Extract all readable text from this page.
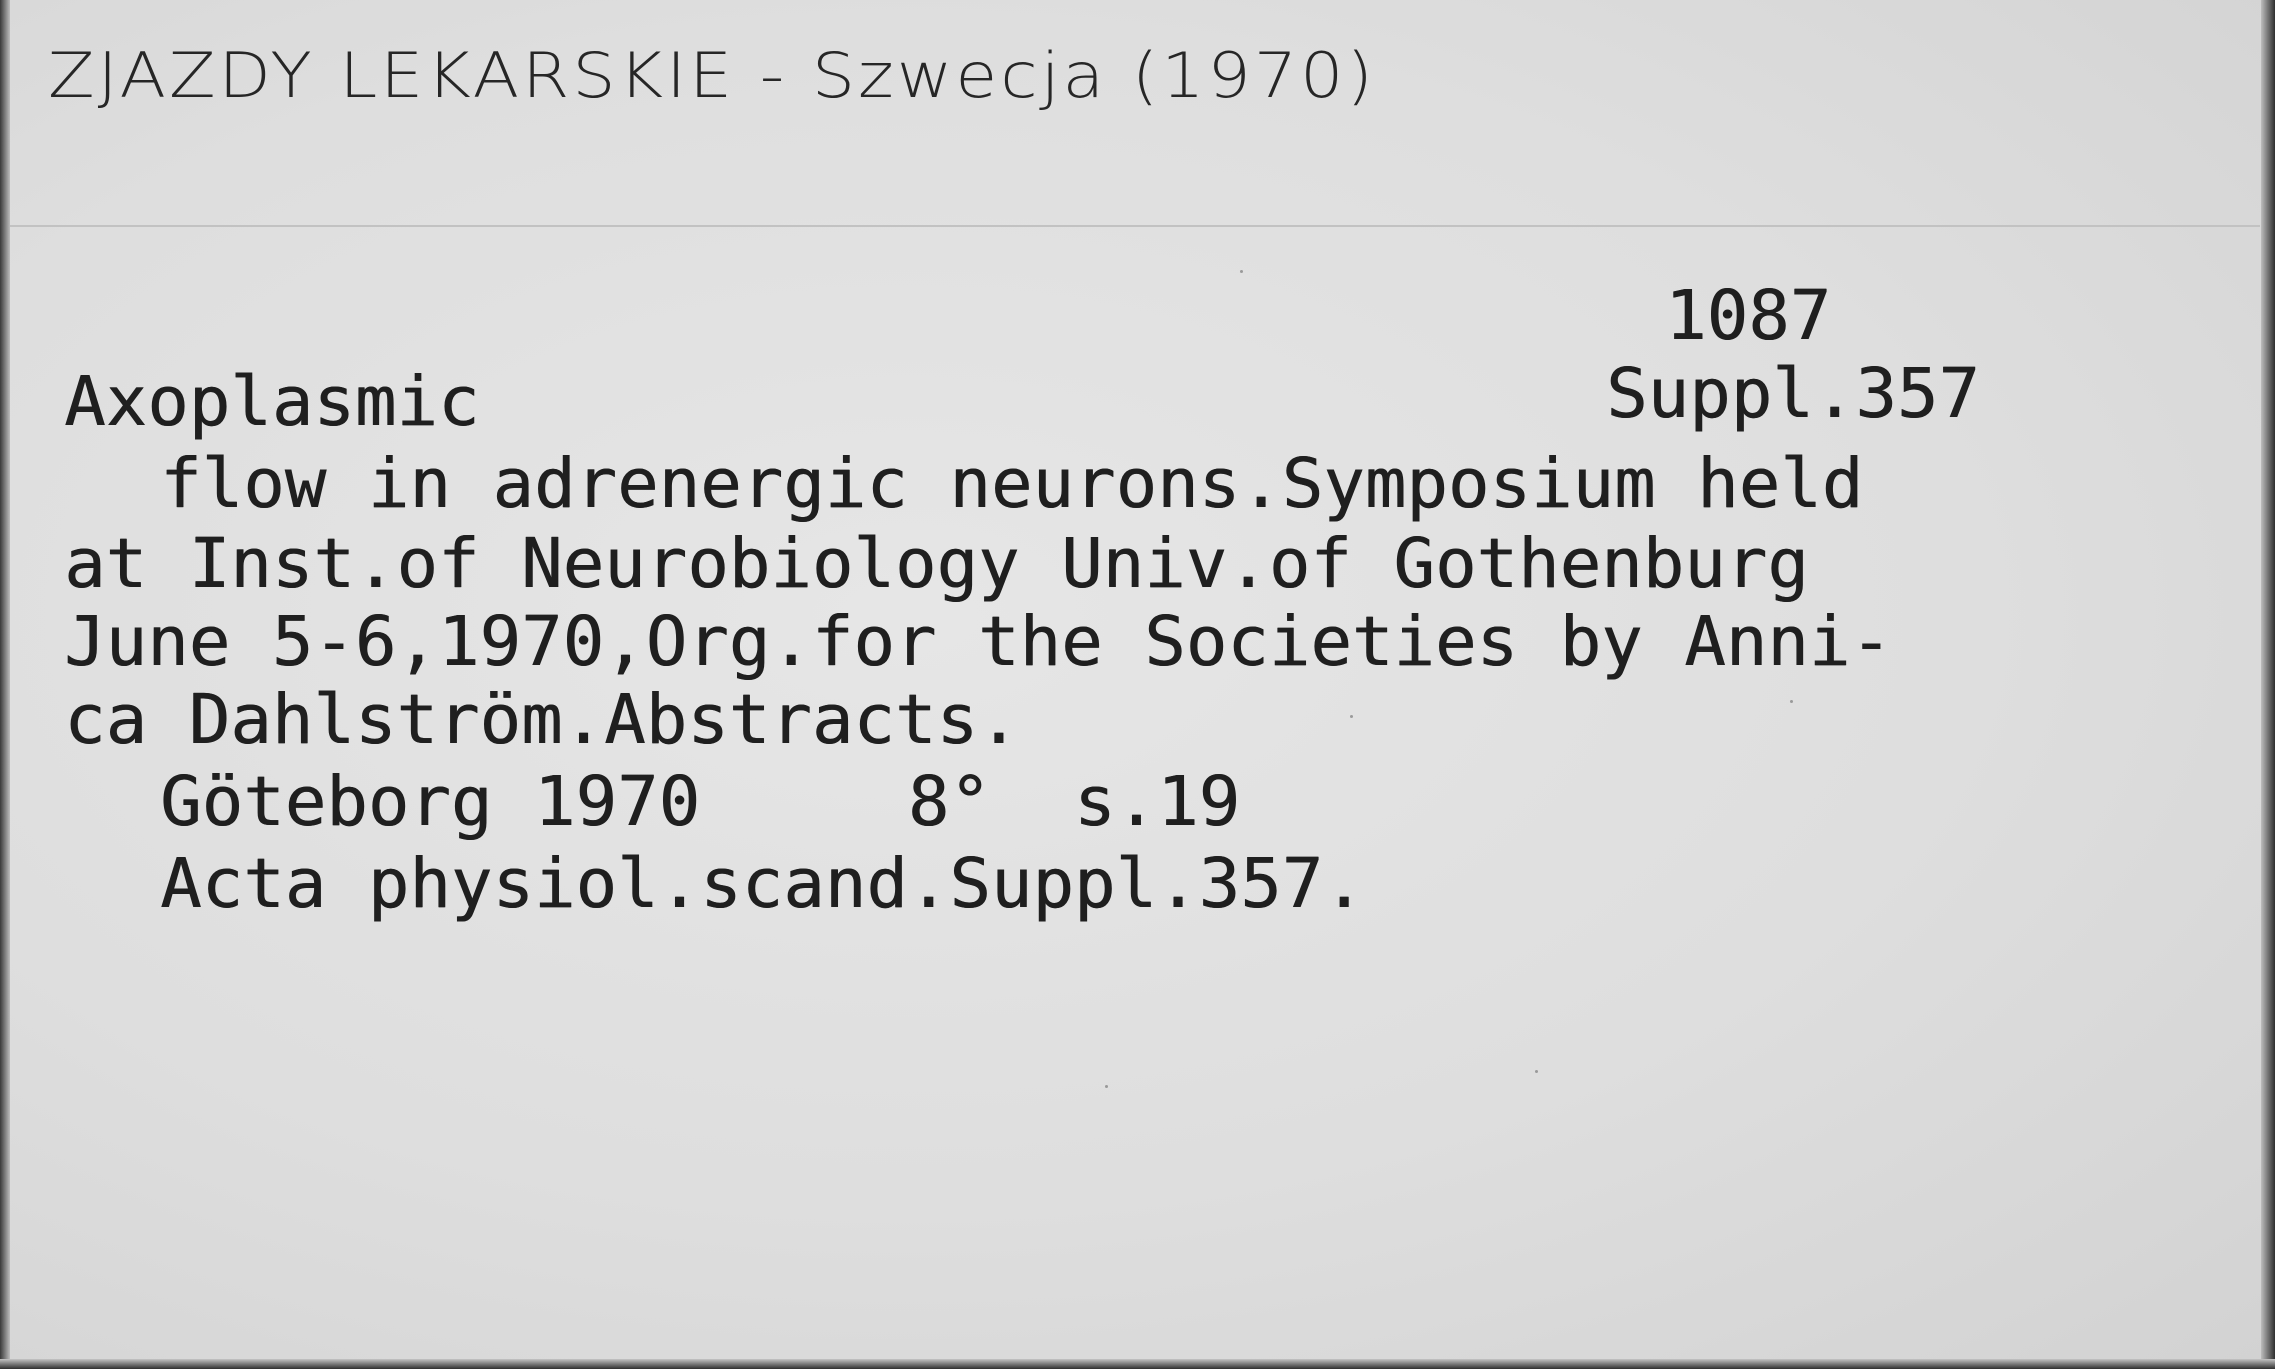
ZJAZDY LEKARSKIE - Szwecja (1970)
1087
Suppl.357
Axoplasmic
flow in adrenergic neurons.Symposium held
at Inst.of Neurobiology Univ.of Gothenburg
June 5-6,1970,Org.for the Societies by Anni-
ca Dahlström.Abstracts.
Göteborg 1970     8°  s.19
Acta physiol.scand.Suppl.357.
